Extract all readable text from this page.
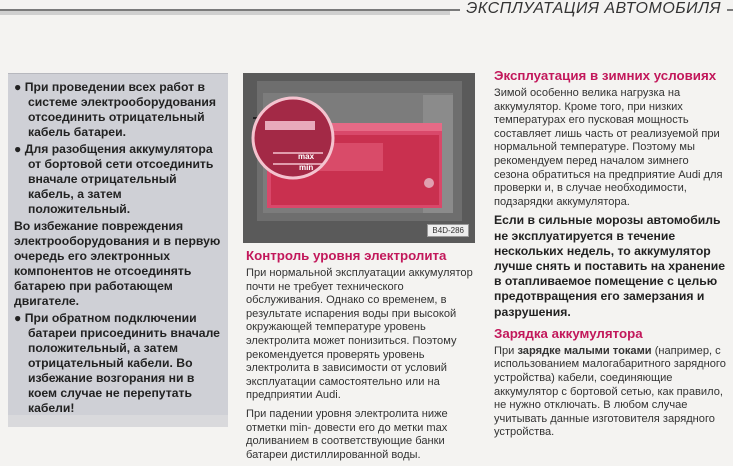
ЭКСПЛУАТАЦИЯ АВТОМОБИЛЯ

● При проведении всех работ в системе электрооборудования отсоединить отрицательный кабель батареи.

● Для разобщения аккумулятора от бортовой сети отсоединить вначале отрицательный кабель, а затем положительный.

Во избежание повреждения электрооборудования и в первую очередь его электронных компонентов не отсоединять батарею при работающем двигателе.

● При обратном подключении батареи присоединить вначале положительный, а затем отрицательный кабели. Во избежание возгорания ни в коем случае не перепутать кабели!

max
min
B4D-286

Контроль уровня электролита

При нормальной эксплуатации аккумулятор почти не требует технического обслуживания. Однако со временем, в результате испарения воды при высокой окружающей температуре уровень электролита может понизиться. Поэтому рекомендуется проверять уровень электролита в зависимости от условий эксплуатации самостоятельно или на предприятии Audi.

При падении уровня электролита ниже отметки min- довести его до метки max доливанием в соответствующие банки батареи дистиллированной воды.

Эксплуатация в зимних условиях

Зимой особенно велика нагрузка на аккумулятор. Кроме того, при низких температурах его пусковая мощность составляет лишь часть от реализуемой при нормальной температуре. Поэтому мы рекомендуем перед началом зимнего сезона обратиться на предприятие Audi для проверки и, в случае необходимости, подзарядки аккумулятора.

Если в сильные морозы автомобиль не эксплуатируется в течение нескольких недель, то аккумулятор лучше снять и поставить на хранение в отапливаемое помещение с целью предотвращения его замерзания и разрушения.

Зарядка аккумулятора

При зарядке малыми токами (например, с использованием малогабаритного зарядного устройства) кабели, соединяющие аккумулятор с бортовой сетью, как правило, не нужно отключать. В любом случае учитывать данные изготовителя зарядного устройства.
